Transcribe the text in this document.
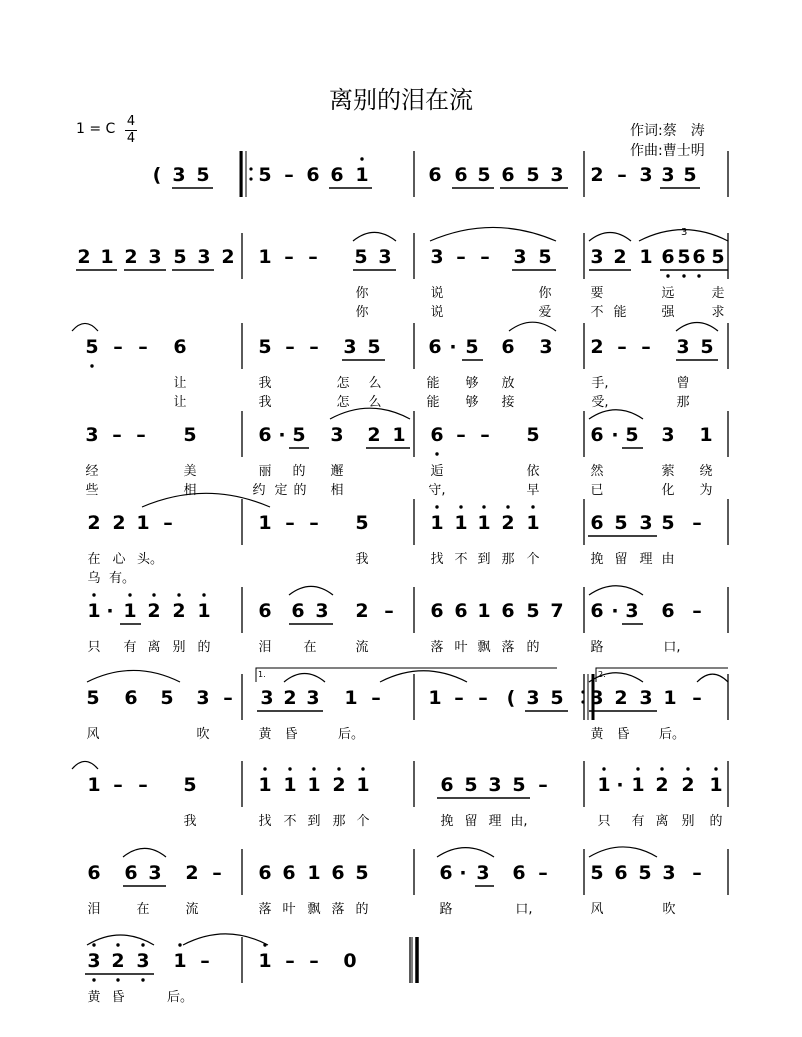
离别的泪在流
1 = C 4
4	作词:蔡　涛
作曲:曹士明
( 3 5	5 – 6 6 1	6 6 5 6 5 3 2 – 3 3 5
3
2 1 2 3 5 3 2 1 – – 5 3 3 – – 3 5 3 2 1 6 5 6 5
你	说	你	要	远	走
你	说	爱	不 能	强	求
5 – – 6	5 – – 3 5	6 · 5 6 3 2 – – 3 5
让	我	怎	么	能	够	放	手,	曾
让	我	怎	么	能	够	接	受,	那
3 – – 5	6 · 5 3 2 1 6 – – 5	6 · 5 3 1
经	美	丽	的	邂	逅	依	然	萦	绕
些	相	约 定 的	相	守,	早	已	化	为
2 2 1 –	1 – – 5	1 1 1 2 1	6 5 3 5 –
在 心 头。	我	找 不 到 那 个	挽 留 理 由
乌 有。
1 · 1 2 2 1	6 6 3 2 – 6 6 1 6 5 7 6 · 3 6 –
只	有 离 别 的	泪	在	流	落 叶 飘 落 的	路	口,
1.	2.
5 6 5 3 – 3 2 3 1 –	1 – – ( 3 5 3 2 3 1 –
风	吹	黄 昏	后。	黄 昏	后。
1 – – 5	1 1 1 2 1	6 5 3 5 –	1 · 1 2 2 1
我	找 不 到 那 个	挽 留 理 由,	只	有 离 别	的
6 6 3 2 – 6 6 1 6 5	6 · 3 6 – 5 6 5 3 –
泪	在	流	落 叶 飘 落 的	路	口,	风	吹
3 2 3 1 –	1 – – 0
黄 昏	后。
